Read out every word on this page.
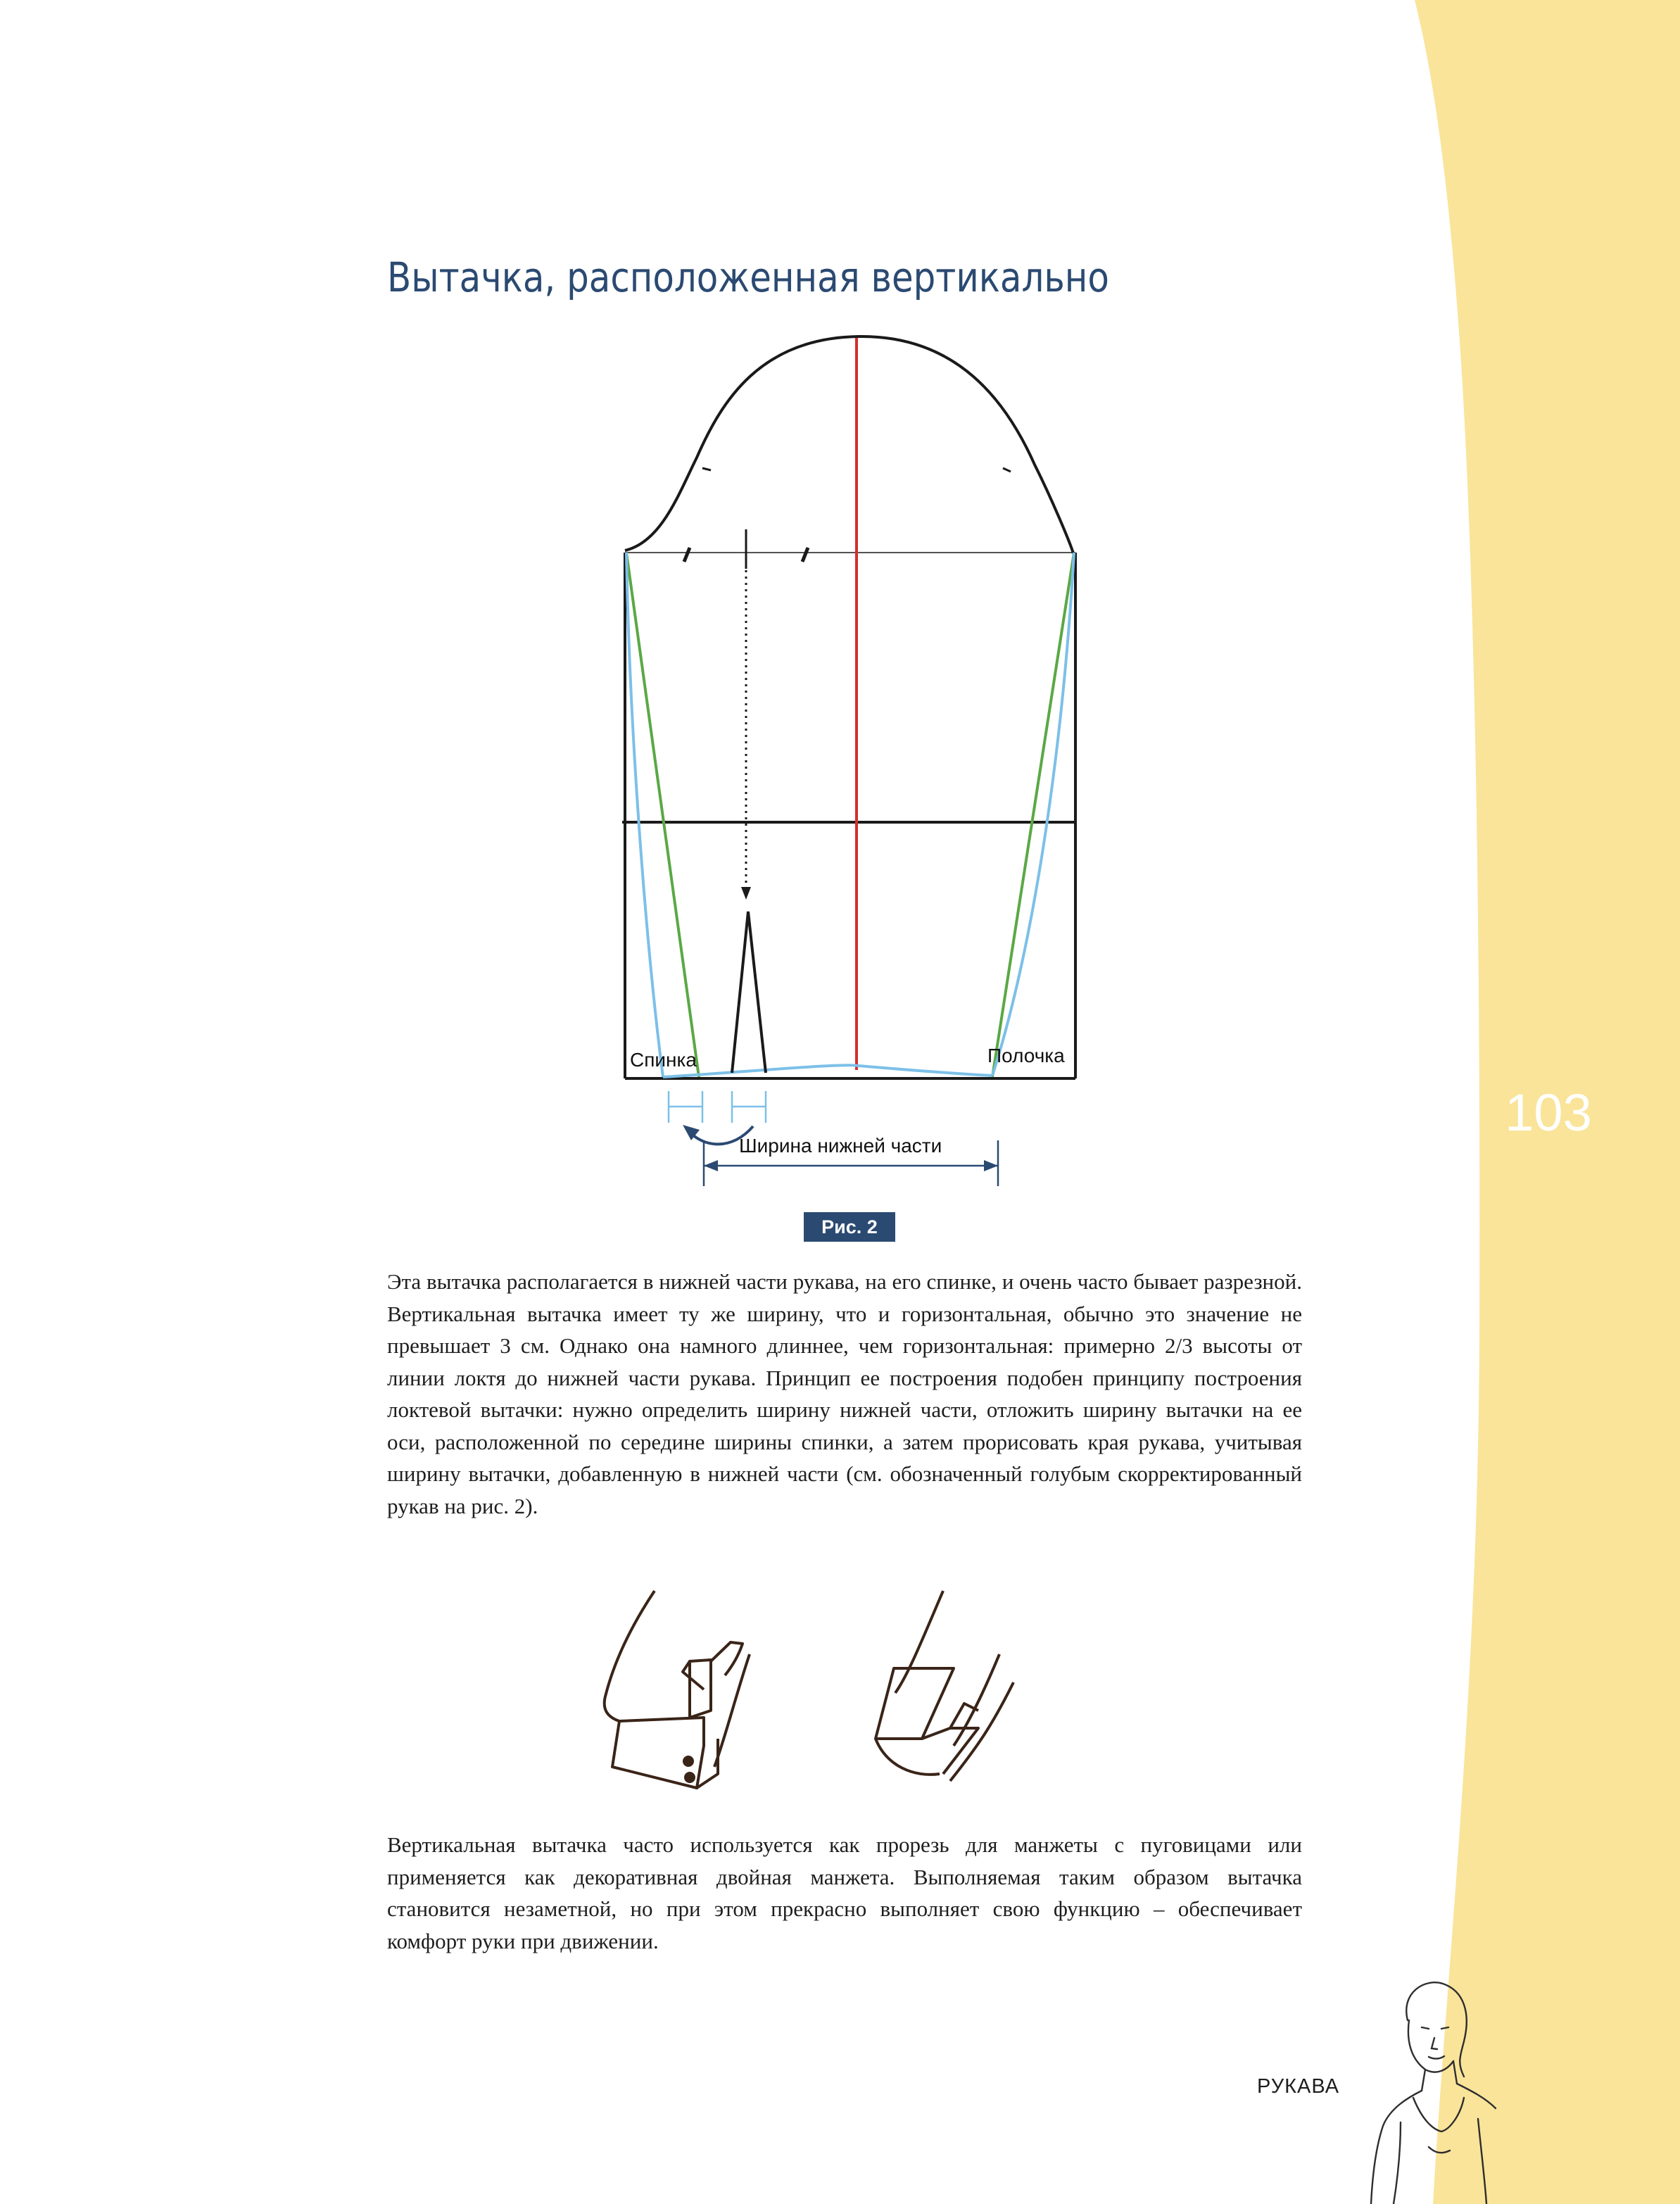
103
Вытачка, расположенная вертикально
Спинка	Полочка
Ширина нижней части
Рис. 2

Эта вытачка располагается в нижней части рукава, на его спинке, и очень часто бывает разрезной. Вертикальная вытачка имеет ту же ширину, что и горизонтальная, обычно это значение не превышает 3 см. Однако она намного длиннее, чем горизонтальная: примерно 2/3 высоты от линии локтя до нижней части рукава. Принцип ее построения подобен принципу построения локтевой вытачки: нужно определить ширину нижней части, отложить ширину вытачки на ее оси, расположенной по середине ширины спинки, а затем прорисовать края рукава, учитывая ширину вытачки, добавленную в нижней части (см. обозначенный голубым скорректированный рукав на рис. 2).

Вертикальная вытачка часто используется как прорезь для манжеты с пуговицами или применяется как декоративная двойная манжета. Выполняемая таким образом вытачка становится незаметной, но при этом прекрасно выполняет свою функцию – обеспечивает комфорт руки при движении.

РУКАВА
